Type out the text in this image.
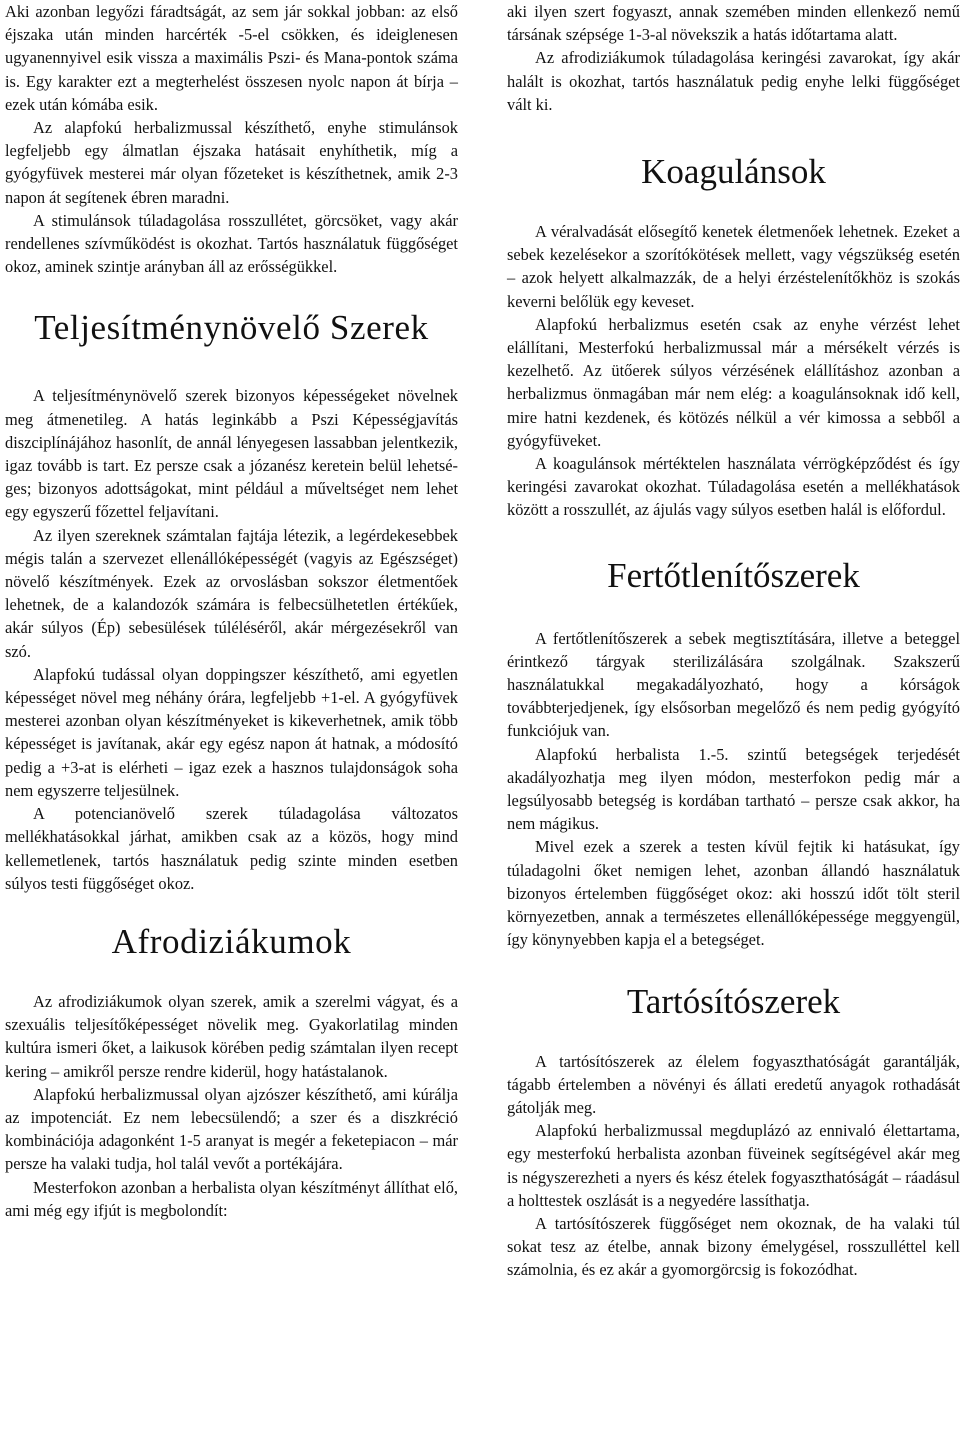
Aki azonban legyőzi fáradtságát, az sem jár sokkal jobban: az első éjszaka után minden harcérték -5-el csökken, és ideiglenesen ugyanennyivel esik vissza a maximális Pszi- és Mana-pontok száma is. Egy karakter ezt a megterhelést összesen nyolc napon át bírja – ezek után kómába esik.

Az alapfokú herbalizmussal készíthető, enyhe stimulánsok legfeljebb egy álmatlan éjszaka hatásait enyhíthetik, míg a gyógyfüvek mesterei már olyan főzeteket is készíthetnek, amik 2-3 napon át segítenek ébren maradni.

A stimulánsok túladagolása rosszullétet, görcsöket, vagy akár rendellenes szívműködést is okozhat. Tartós használatuk függőséget okoz, aminek szintje arányban áll az erősségükkel.

Teljesítménynövelő Szerek

A teljesítménynövelő szerek bizonyos képességeket növelnek meg átmenetileg. A hatás leginkább a Pszi Képességjavítás diszciplínájához hasonlít, de annál lényegesen lassabban jelentkezik, igaz tovább is tart. Ez persze csak a józanész keretein belül lehetséges; bizonyos adottságokat, mint például a műveltséget nem lehet egy egyszerű főzettel feljavítani.

Az ilyen szereknek számtalan fajtája létezik, a legérdekesebbek mégis talán a szervezet ellenállóképességét (vagyis az Egészséget) növelő készítmények. Ezek az orvoslásban sokszor életmentőek lehetnek, de a kalandozók számára is felbecsülhetetlen értékűek, akár súlyos (Ép) sebesülések túléléséről, akár mérgezésekről van szó.

Alapfokú tudással olyan doppingszer készíthető, ami egyetlen képességet növel meg néhány órára, legfeljebb +1-el. A gyógyfüvek mesterei azonban olyan készítményeket is kikeverhetnek, amik több képességet is javítanak, akár egy egész napon át hatnak, a módosító pedig a +3-at is elérheti – igaz ezek a hasznos tulajdonságok soha nem egyszerre teljesülnek.

A potencianövelő szerek túladagolása változatos mellékhatásokkal járhat, amikben csak az a közös, hogy mind kellemetlenek, tartós használatuk pedig szinte minden esetben súlyos testi függőséget okoz.

Afrodiziákumok

Az afrodiziákumok olyan szerek, amik a szerelmi vágyat, és a szexuális teljesítőképességet növelik meg. Gyakorlatilag minden kultúra ismeri őket, a laikusok körében pedig számtalan ilyen recept kering – amikről persze rendre kiderül, hogy hatástalanok.

Alapfokú herbalizmussal olyan ajzószer készíthető, ami kúrálja az impotenciát. Ez nem lebecsülendő; a szer és a diszkréció kombinációja adagonként 1-5 aranyat is megér a feketepiacon – már persze ha valaki tudja, hol talál vevőt a portékájára.

Mesterfokon azonban a herbalista olyan készítményt állíthat elő, ami még egy ifjút is megbolondít:

aki ilyen szert fogyaszt, annak szemében minden ellenkező nemű társának szépsége 1-3-al növekszik a hatás időtartama alatt.

Az afrodiziákumok túladagolása keringési zavarokat, így akár halált is okozhat, tartós használatuk pedig enyhe lelki függőséget vált ki.

Koagulánsok

A véralvadását elősegítő kenetek életmenőek lehetnek. Ezeket a sebek kezelésekor a szorítókötések mellett, vagy végszükség esetén – azok helyett alkalmazzák, de a helyi érzéstelenítőkhöz is szokás keverni belőlük egy keveset.

Alapfokú herbalizmus esetén csak az enyhe vérzést lehet elállítani, Mesterfokú herbalizmussal már a mérsékelt vérzés is kezelhető. Az ütőerek súlyos vérzésének elállításhoz azonban a herbalizmus önmagában már nem elég: a koagulánsoknak idő kell, mire hatni kezdenek, és kötözés nélkül a vér kimossa a sebből a gyógyfüveket.

A koagulánsok mértéktelen használata vérrögképződést és így keringési zavarokat okozhat. Túladagolása esetén a mellékhatások között a rosszullét, az ájulás vagy súlyos esetben halál is előfordul.

Fertőtlenítőszerek

A fertőtlenítőszerek a sebek megtisztítására, illetve a beteggel érintkező tárgyak sterilizálására szolgálnak. Szakszerű használatukkal megakadályozható, hogy a kórságok továbbterjedjenek, így elsősorban megelőző és nem pedig gyógyító funkciójuk van.

Alapfokú herbalista 1.-5. szintű betegségek terjedését akadályozhatja meg ilyen módon, mesterfokon pedig már a legsúlyosabb betegség is kordában tartható – persze csak akkor, ha nem mágikus.

Mivel ezek a szerek a testen kívül fejtik ki hatásukat, így túladagolni őket nemigen lehet, azonban állandó használatuk bizonyos értelemben függőséget okoz: aki hosszú időt tölt steril környezetben, annak a természetes ellenállóképessége meggyengül, így könynyebben kapja el a betegséget.

Tartósítószerek

A tartósítószerek az élelem fogyaszthatóságát garantálják, tágabb értelemben a növényi és állati eredetű anyagok rothadását gátolják meg.

Alapfokú herbalizmussal megduplázó az ennivaló élettartama, egy mesterfokú herbalista azonban füveinek segítségével akár meg is négyszerezheti a nyers és kész ételek fogyaszthatóságát – ráadásul a holttestek oszlását is a negyedére lassíthatja.

A tartósítószerek függőséget nem okoznak, de ha valaki túl sokat tesz az ételbe, annak bizony émelygésel, rosszulléttel kell számolnia, és ez akár a gyomorgörcsig is fokozódhat.
